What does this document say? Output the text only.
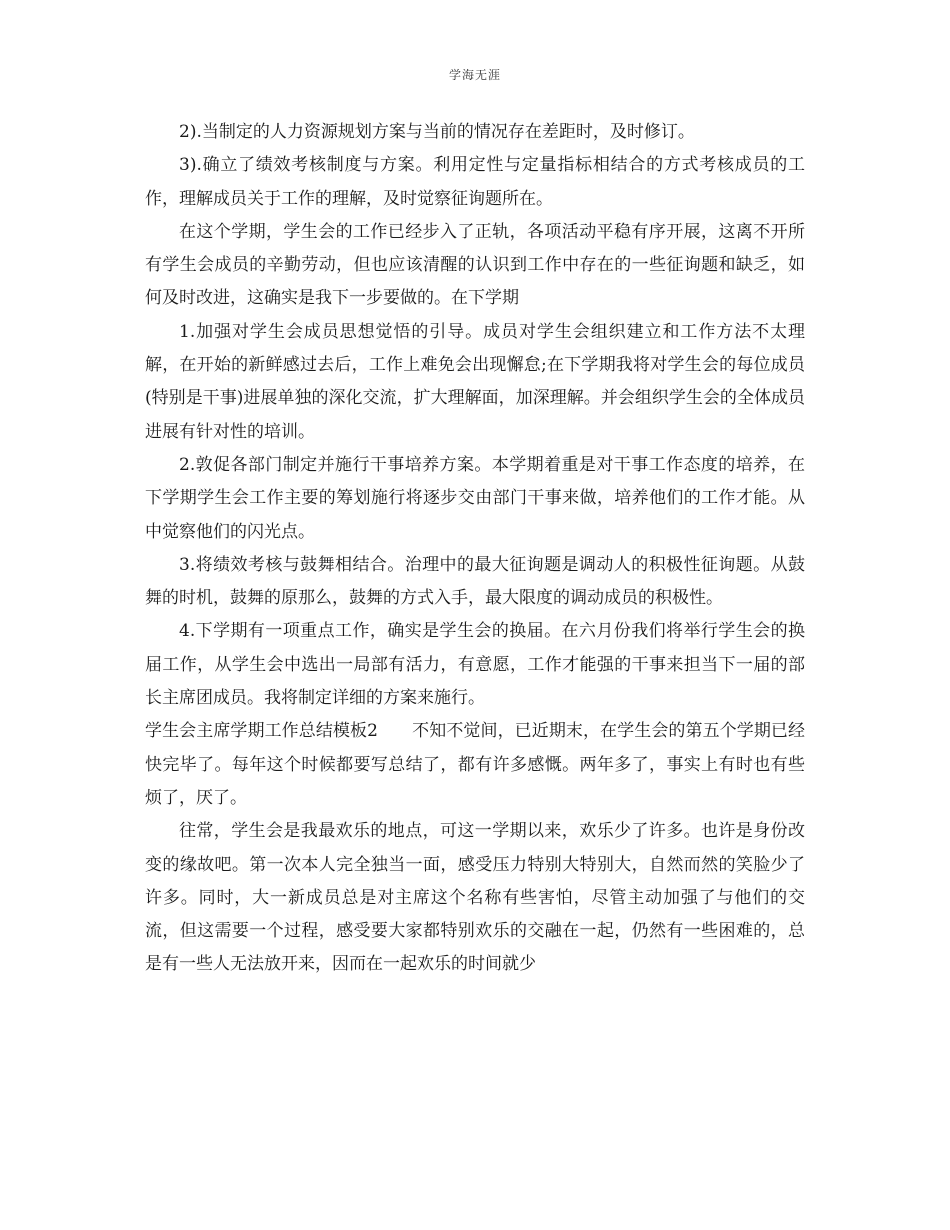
学海无涯

2).当制定的人力资源规划方案与当前的情况存在差距时，及时修订。

3).确立了绩效考核制度与方案。利用定性与定量指标相结合的方式考核成员的工作，理解成员关于工作的理解，及时觉察征询题所在。

在这个学期，学生会的工作已经步入了正轨，各项活动平稳有序开展，这离不开所有学生会成员的辛勤劳动，但也应该清醒的认识到工作中存在的一些征询题和缺乏，如何及时改进，这确实是我下一步要做的。在下学期

1.加强对学生会成员思想觉悟的引导。成员对学生会组织建立和工作方法不太理解，在开始的新鲜感过去后，工作上难免会出现懈怠;在下学期我将对学生会的每位成员(特别是干事)进展单独的深化交流，扩大理解面，加深理解。并会组织学生会的全体成员进展有针对性的培训。

2.敦促各部门制定并施行干事培养方案。本学期着重是对干事工作态度的培养，在下学期学生会工作主要的筹划施行将逐步交由部门干事来做，培养他们的工作才能。从中觉察他们的闪光点。

3.将绩效考核与鼓舞相结合。治理中的最大征询题是调动人的积极性征询题。从鼓舞的时机，鼓舞的原那么，鼓舞的方式入手，最大限度的调动成员的积极性。

4.下学期有一项重点工作，确实是学生会的换届。在六月份我们将举行学生会的换届工作，从学生会中选出一局部有活力，有意愿，工作才能强的干事来担当下一届的部长主席团成员。我将制定详细的方案来施行。

学生会主席学期工作总结模板2　　不知不觉间，已近期末，在学生会的第五个学期已经快完毕了。每年这个时候都要写总结了，都有许多感慨。两年多了，事实上有时也有些烦了，厌了。

往常，学生会是我最欢乐的地点，可这一学期以来，欢乐少了许多。也许是身份改变的缘故吧。第一次本人完全独当一面，感受压力特别大特别大，自然而然的笑脸少了许多。同时，大一新成员总是对主席这个名称有些害怕，尽管主动加强了与他们的交流，但这需要一个过程，感受要大家都特别欢乐的交融在一起，仍然有一些困难的，总是有一些人无法放开来，因而在一起欢乐的时间就少
